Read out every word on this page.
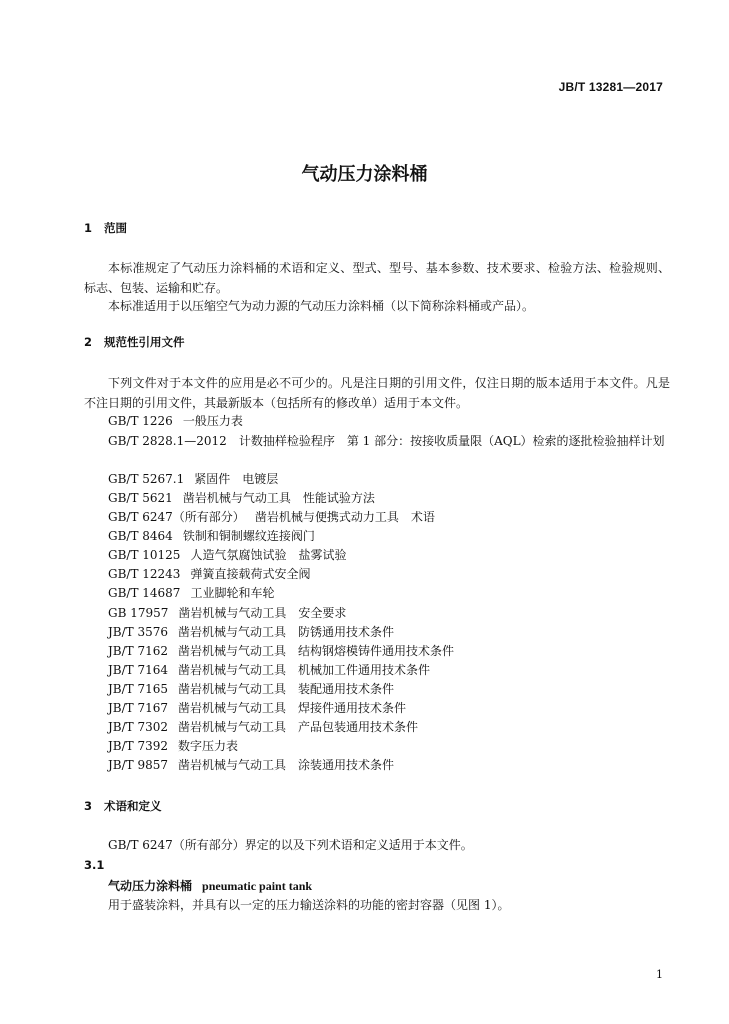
JB/T 13281—2017
气动压力涂料桶
1 范围
本标准规定了气动压力涂料桶的术语和定义、型式、型号、基本参数、技术要求、检验方法、检验规则、标志、包装、运输和贮存。
本标准适用于以压缩空气为动力源的气动压力涂料桶（以下简称涂料桶或产品）。
2 规范性引用文件
下列文件对于本文件的应用是必不可少的。凡是注日期的引用文件，仅注日期的版本适用于本文件。凡是不注日期的引用文件，其最新版本（包括所有的修改单）适用于本文件。
GB/T 1226 一般压力表
GB/T 2828.1—2012　 计数抽样检验程序　第 1 部分：按接收质量限（AQL）检索的逐批检验抽样计划
GB/T 5267.1 紧固件　电镀层
GB/T 5621 凿岩机械与气动工具　性能试验方法
GB/T 6247（所有部分） 凿岩机械与便携式动力工具　术语
GB/T 8464 铁制和铜制螺纹连接阀门
GB/T 10125 人造气氛腐蚀试验　盐雾试验
GB/T 12243 弹簧直接载荷式安全阀
GB/T 14687 工业脚轮和车轮
GB 17957 凿岩机械与气动工具　安全要求
JB/T 3576 凿岩机械与气动工具　防锈通用技术条件
JB/T 7162 凿岩机械与气动工具　结构钢熔模铸件通用技术条件
JB/T 7164 凿岩机械与气动工具　机械加工件通用技术条件
JB/T 7165 凿岩机械与气动工具　装配通用技术条件
JB/T 7167 凿岩机械与气动工具　焊接件通用技术条件
JB/T 7302 凿岩机械与气动工具　产品包装通用技术条件
JB/T 7392 数字压力表
JB/T 9857 凿岩机械与气动工具　涂装通用技术条件
3 术语和定义
GB/T 6247（所有部分）界定的以及下列术语和定义适用于本文件。
3.1
气动压力涂料桶 pneumatic paint tank
用于盛装涂料，并具有以一定的压力输送涂料的功能的密封容器（见图 1）。
1
